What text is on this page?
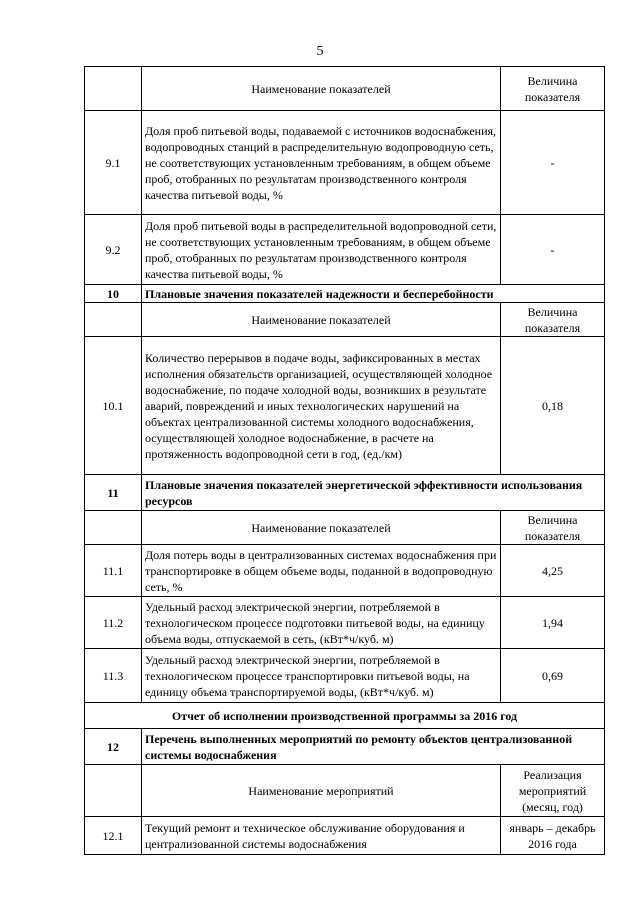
5
	Наименование показателей	Величина показателя
9.1	Доля проб питьевой воды, подаваемой с источников водоснабжения, водопроводных станций в распределительную водопроводную сеть, не соответствующих установленным требованиям, в общем объеме проб, отобранных по результатам производственного контроля качества питьевой воды, %	-
9.2	Доля проб питьевой воды в распределительной водопроводной сети, не соответствующих установленным требованиям, в общем объеме проб, отобранных по результатам производственного контроля качества питьевой воды, %	-
10	Плановые значения показателей надежности и бесперебойности	
	Наименование показателей	Величина показателя
10.1	Количество перерывов в подаче воды, зафиксированных в местах исполнения обязательств организацией, осуществляющей холодное водоснабжение, по подаче холодной воды, возникших в результате аварий, повреждений и иных технологических нарушений на объектах централизованной системы холодного водоснабжения, осуществляющей холодное водоснабжение, в расчете на протяженность водопроводной сети в год, (ед./км)	0,18
11	Плановые значения показателей энергетической эффективности использования ресурсов	
	Наименование показателей	Величина показателя
11.1	Доля потерь воды в централизованных системах водоснабжения при транспортировке в общем объеме воды, поданной в водопроводную сеть, %	4,25
11.2	Удельный расход электрической энергии, потребляемой в технологическом процессе подготовки питьевой воды, на единицу объема воды, отпускаемой в сеть, (кВт*ч/куб. м)	1,94
11.3	Удельный расход электрической энергии, потребляемой в технологическом процессе транспортировки питьевой воды, на единицу объема транспортируемой воды, (кВт*ч/куб. м)	0,69
Отчет об исполнении производственной программы за 2016 год		
12	Перечень выполненных мероприятий по ремонту объектов централизованной системы водоснабжения	
	Наименование мероприятий	Реализация мероприятий (месяц, год)
12.1	Текущий ремонт и техническое обслуживание оборудования и централизованной системы водоснабжения	январь – декабрь 2016 года
